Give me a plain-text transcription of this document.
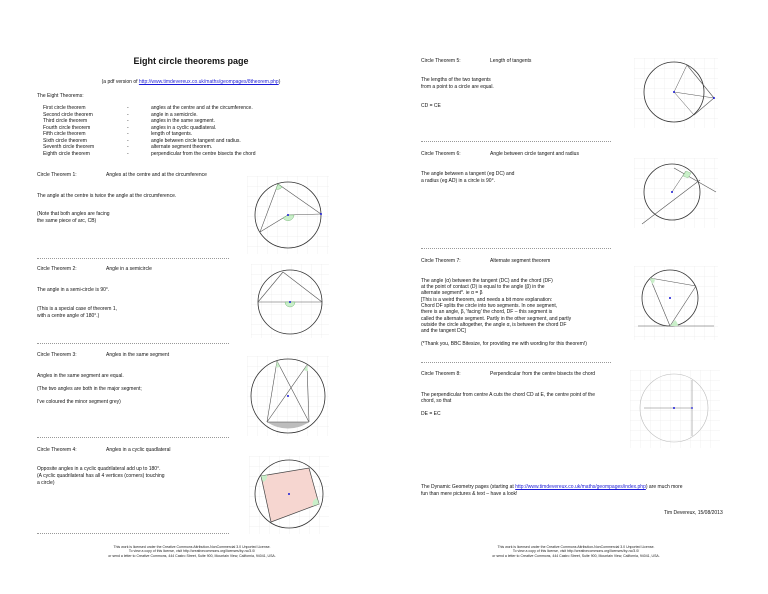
Eight circle theorems page
(a pdf version of http://www.timdevereux.co.uk/maths/geompages/8theorem.php)
The Eight Theorems:
First circle theorem	-	angles at the centre and at the circumference.
Second circle theorem	-	angle in a semicircle.
Third circle theorem	-	angles in the same segment.
Fourth circle theorem	-	angles in a cyclic quadlateral.
Fifth circle theorem	-	length of tangents.
Sixth circle theorem	-	angle between circle tangent and radius.
Seventh circle theorem	-	alternate segment theorem.
Eighth circle theorem	-	perpendicular from the centre bisects the chord
Circle Theorem 1:	Angles at the centre and at the circumference
The angle at the centre is twice the angle at the circumference.
(Note that both angles are facing
the same piece of arc, CB)
Circle Theorem 2:	Angle in a semicircle
The angle in a semi-circle is 90°.
(This is a special case of theorem 1,
with a centre angle of 180°.)
Circle Theorem 3:	Angles in the same segment
Angles in the same segment are equal.
(The two angles are both in the major segment;
I've coloured the minor segment grey)
Circle Theorem 4:	Angles in a cyclic quadlateral
Opposite angles in a cyclic quadrilateral add up to 180°.
(A cyclic quadrilateral has all 4 vertices (corners) touching
a circle)
This work is licensed under the Creative Commons Attribution-NonCommercial 3.0 Unported License.
To view a copy of this license, visit http://creativecommons.org/licenses/by-nc/3.0/
or send a letter to Creative Commons, 444 Castro Street, Suite 900, Mountain View, California, 94041, USA.
Circle Theorem 5:	Length of tangents
The lengths of the two tangents
from a point to a circle are equal.
CD = CE
Circle Theorem 6:	Angle between circle tangent and radius
The angle between a tangent (eg DC) and
a radius (eg AD) in a circle is 90°.
Circle Theorem 7:	Alternate segment theorem
The angle (α) between the tangent (DC) and the chord (DF)
at the point of contact (D) is equal to the angle (β) in the
alternate segment*. ie α = β
[This is a weird theorem, and needs a bit more explanation:
Chord DF splits the circle into two segments. In one segment,
there is an angle, β, 'facing' the chord, DF – this segment is
called the alternate segment. Partly in the other segment, and partly
outside the circle altogether, the angle α, is between the chord DF
and the tangent DC]
(*Thank you, BBC Bitesize, for providing me with wording for this theorem!)
Circle Theorem 8:	Perpendicular from the centre bisects the chord
The perpendicular from centre A cuts the chord CD at E, the centre point of the
chord, so that
DE = EC
The Dynamic Geometry pages (starting at http://www.timdevereux.co.uk/maths/geompages/index.php) are much more
fun than mere pictures & text – have a look!
Tim Devereux, 15/08/2013
This work is licensed under the Creative Commons Attribution-NonCommercial 3.0 Unported License.
To view a copy of this license, visit http://creativecommons.org/licenses/by-nc/3.0/
or send a letter to Creative Commons, 444 Castro Street, Suite 900, Mountain View, California, 94041, USA.
